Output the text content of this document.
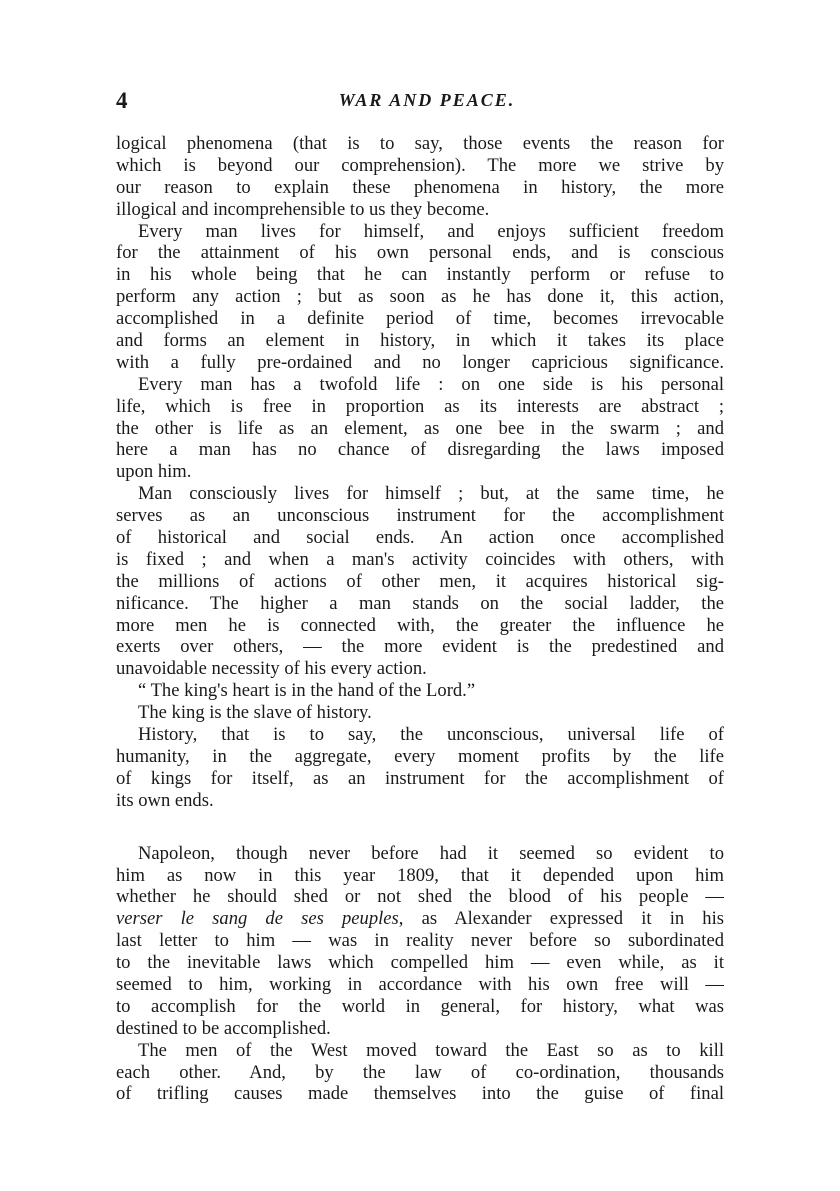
4	WAR AND PEACE.
logical phenomena (that is to say, those events the reason for
which is beyond our comprehension). The more we strive by
our reason to explain these phenomena in history, the more
illogical and incomprehensible to us they become.
Every man lives for himself, and enjoys sufficient freedom
for the attainment of his own personal ends, and is conscious
in his whole being that he can instantly perform or refuse to
perform any action ; but as soon as he has done it, this action,
accomplished in a definite period of time, becomes irrevocable
and forms an element in history, in which it takes its place
with a fully pre-ordained and no longer capricious significance.
Every man has a twofold life : on one side is his personal
life, which is free in proportion as its interests are abstract ;
the other is life as an element, as one bee in the swarm ; and
here a man has no chance of disregarding the laws imposed
upon him.
Man consciously lives for himself ; but, at the same time, he
serves as an unconscious instrument for the accomplishment
of historical and social ends. An action once accomplished
is fixed ; and when a man's activity coincides with others, with
the millions of actions of other men, it acquires historical sig-
nificance. The higher a man stands on the social ladder, the
more men he is connected with, the greater the influence he
exerts over others, — the more evident is the predestined and
unavoidable necessity of his every action.
“ The king's heart is in the hand of the Lord.”
The king is the slave of history.
History, that is to say, the unconscious, universal life of
humanity, in the aggregate, every moment profits by the life
of kings for itself, as an instrument for the accomplishment of
its own ends.
Napoleon, though never before had it seemed so evident to
him as now in this year 1809, that it depended upon him
whether he should shed or not shed the blood of his people —
verser le sang de ses peuples, as Alexander expressed it in his
last letter to him — was in reality never before so subordinated
to the inevitable laws which compelled him — even while, as it
seemed to him, working in accordance with his own free will —
to accomplish for the world in general, for history, what was
destined to be accomplished.
The men of the West moved toward the East so as to kill
each other. And, by the law of co-ordination, thousands
of trifling causes made themselves into the guise of final
